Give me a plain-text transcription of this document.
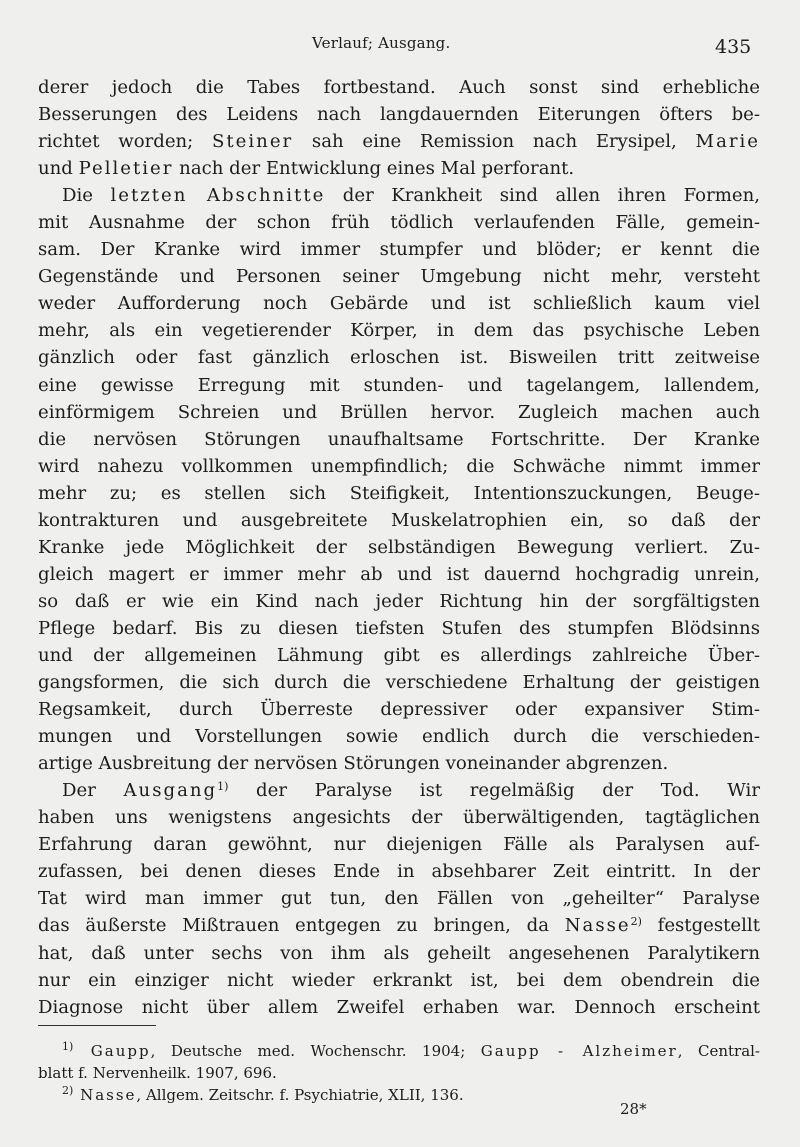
Verlauf; Ausgang.	435
derer jedoch die Tabes fortbestand. Auch sonst sind erhebliche
Besserungen des Leidens nach langdauernden Eiterungen öfters be-
richtet worden; Steiner sah eine Remission nach Erysipel, Marie
und Pelletier nach der Entwicklung eines Mal perforant.
Die letzten Abschnitte der Krankheit sind allen ihren Formen,
mit Ausnahme der schon früh tödlich verlaufenden Fälle, gemein-
sam. Der Kranke wird immer stumpfer und blöder; er kennt die
Gegenstände und Personen seiner Umgebung nicht mehr, versteht
weder Aufforderung noch Gebärde und ist schließlich kaum viel
mehr, als ein vegetierender Körper, in dem das psychische Leben
gänzlich oder fast gänzlich erloschen ist. Bisweilen tritt zeitweise
eine gewisse Erregung mit stunden- und tagelangem, lallendem,
einförmigem Schreien und Brüllen hervor. Zugleich machen auch
die nervösen Störungen unaufhaltsame Fortschritte. Der Kranke
wird nahezu vollkommen unempfindlich; die Schwäche nimmt immer
mehr zu; es stellen sich Steifigkeit, Intentionszuckungen, Beuge-
kontrakturen und ausgebreitete Muskelatrophien ein, so daß der
Kranke jede Möglichkeit der selbständigen Bewegung verliert. Zu-
gleich magert er immer mehr ab und ist dauernd hochgradig unrein,
so daß er wie ein Kind nach jeder Richtung hin der sorgfältigsten
Pflege bedarf. Bis zu diesen tiefsten Stufen des stumpfen Blödsinns
und der allgemeinen Lähmung gibt es allerdings zahlreiche Über-
gangsformen, die sich durch die verschiedene Erhaltung der geistigen
Regsamkeit, durch Überreste depressiver oder expansiver Stim-
mungen und Vorstellungen sowie endlich durch die verschieden-
artige Ausbreitung der nervösen Störungen voneinander abgrenzen.
Der Ausgang$^{1)}$ der Paralyse ist regelmäßig der Tod. Wir
haben uns wenigstens angesichts der überwältigenden, tagtäglichen
Erfahrung daran gewöhnt, nur diejenigen Fälle als Paralysen auf-
zufassen, bei denen dieses Ende in absehbarer Zeit eintritt. In der
Tat wird man immer gut tun, den Fällen von „geheilter“ Paralyse
das äußerste Mißtrauen entgegen zu bringen, da Nasse$^{2)}$ festgestellt
hat, daß unter sechs von ihm als geheilt angesehenen Paralytikern
nur ein einziger nicht wieder erkrankt ist, bei dem obendrein die
Diagnose nicht über allem Zweifel erhaben war. Dennoch erscheint
$^{1)}$ Gaupp, Deutsche med. Wochenschr. 1904; Gaupp - Alzheimer, Central-
blatt f. Nervenheilk. 1907, 696.
$^{2)}$ Nasse, Allgem. Zeitschr. f. Psychiatrie, XLII, 136.
28*
